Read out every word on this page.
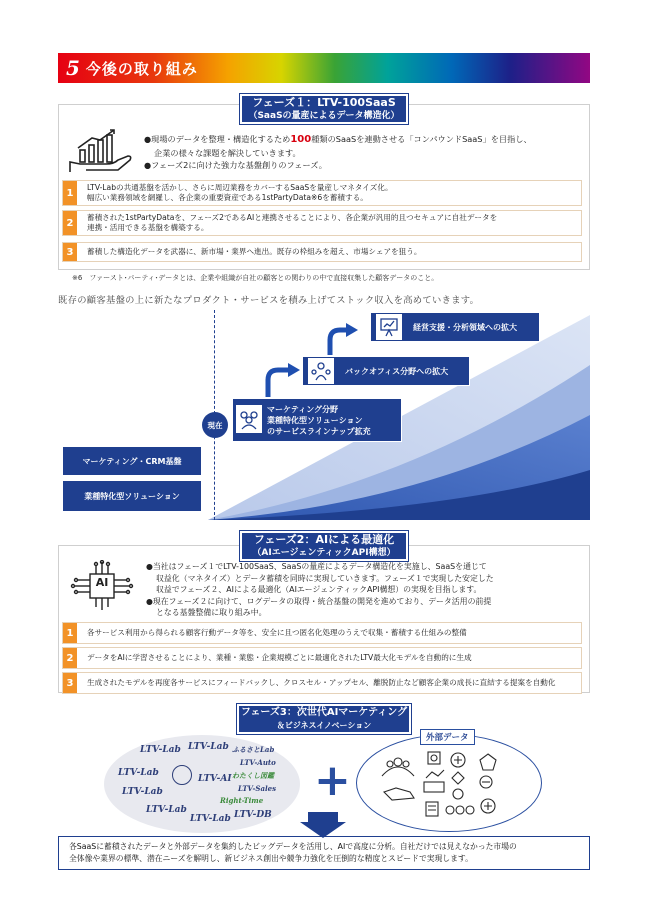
5 今後の取り組み
フェーズ１：LTV-100SaaS
（SaaSの量産によるデータ構造化）
●現場のデータを整理・構造化するため100種類のSaaSを連動させる「コンパウンドSaaS」を目指し、
企業の様々な課題を解決していきます。
●フェーズ2に向けた強力な基盤創りのフェーズ。
1	LTV-Labの共通基盤を活かし、さらに周辺業務をカバーするSaaSを量産しマネタイズ化。
幅広い業務領域を網羅し、各企業の重要資産である1stPartyData※6を蓄積する。
2	蓄積された1stPartyDataを、フェーズ2であるAIと連携させることにより、各企業が汎用的且つセキュアに自社データを
連携・活用できる基盤を構築する。
3	蓄積した構造化データを武器に、新市場・業界へ進出。既存の枠組みを超え、市場シェアを狙う。
※6　ファースト･パーティ･データとは、企業や組織が自社の顧客との関わりの中で直接収集した顧客データのこと。
既存の顧客基盤の上に新たなプロダクト・サービスを積み上げてストック収入を高めていきます。
現在
マーケティング・CRM基盤
業種特化型ソリューション
マーケティング分野
業種特化型ソリューション
のサービスラインナップ拡充
バックオフィス分野への拡大
経営支援・分析領域への拡大
フェーズ2：AIによる最適化
（AIエージェンティックAPI構想）
AI
●当社はフェーズ１でLTV-100SaaS、SaaSの量産によるデータ構造化を実施し、SaaSを通じて
収益化（マネタイズ）とデータ蓄積を同時に実現していきます。フェーズ１で実現した安定した
収益でフェーズ２、AIによる最適化（AIエージェンティックAPI構想）の実現を目指します。
●現在フェーズ２に向けて、ログデータの取得・統合基盤の開発を進めており、データ活用の前提
となる基盤整備に取り組み中。
1	各サービス利用から得られる顧客行動データ等を、安全に且つ匿名化処理のうえで収集・蓄積する仕組みの整備
2	データをAIに学習させることにより、業種・業態・企業規模ごとに最適化されたLTV最大化モデルを自動的に生成
3	生成されたモデルを再度各サービスにフィードバックし、クロスセル・アップセル、離脱防止など顧客企業の成長に直結する提案を自動化
フェーズ3：次世代AIマーケティング
＆ビジネスイノベーション
LTV-Lab LTV-Lab ふるさとLab
LTV-Lab
LTV-AI
LTV-Auto
LTV-Lab
わたくし図鑑
LTV-Lab
LTV-Sales
Right-Time
LTV-Lab LTV-DB
+
外部データ
各SaaSに蓄積されたデータと外部データを集約したビッグデータを活用し、AIで高度に分析。自社だけでは見えなかった市場の
全体像や業界の標準、潜在ニーズを解明し、新ビジネス創出や競争力強化を圧倒的な精度とスピードで実現します。
